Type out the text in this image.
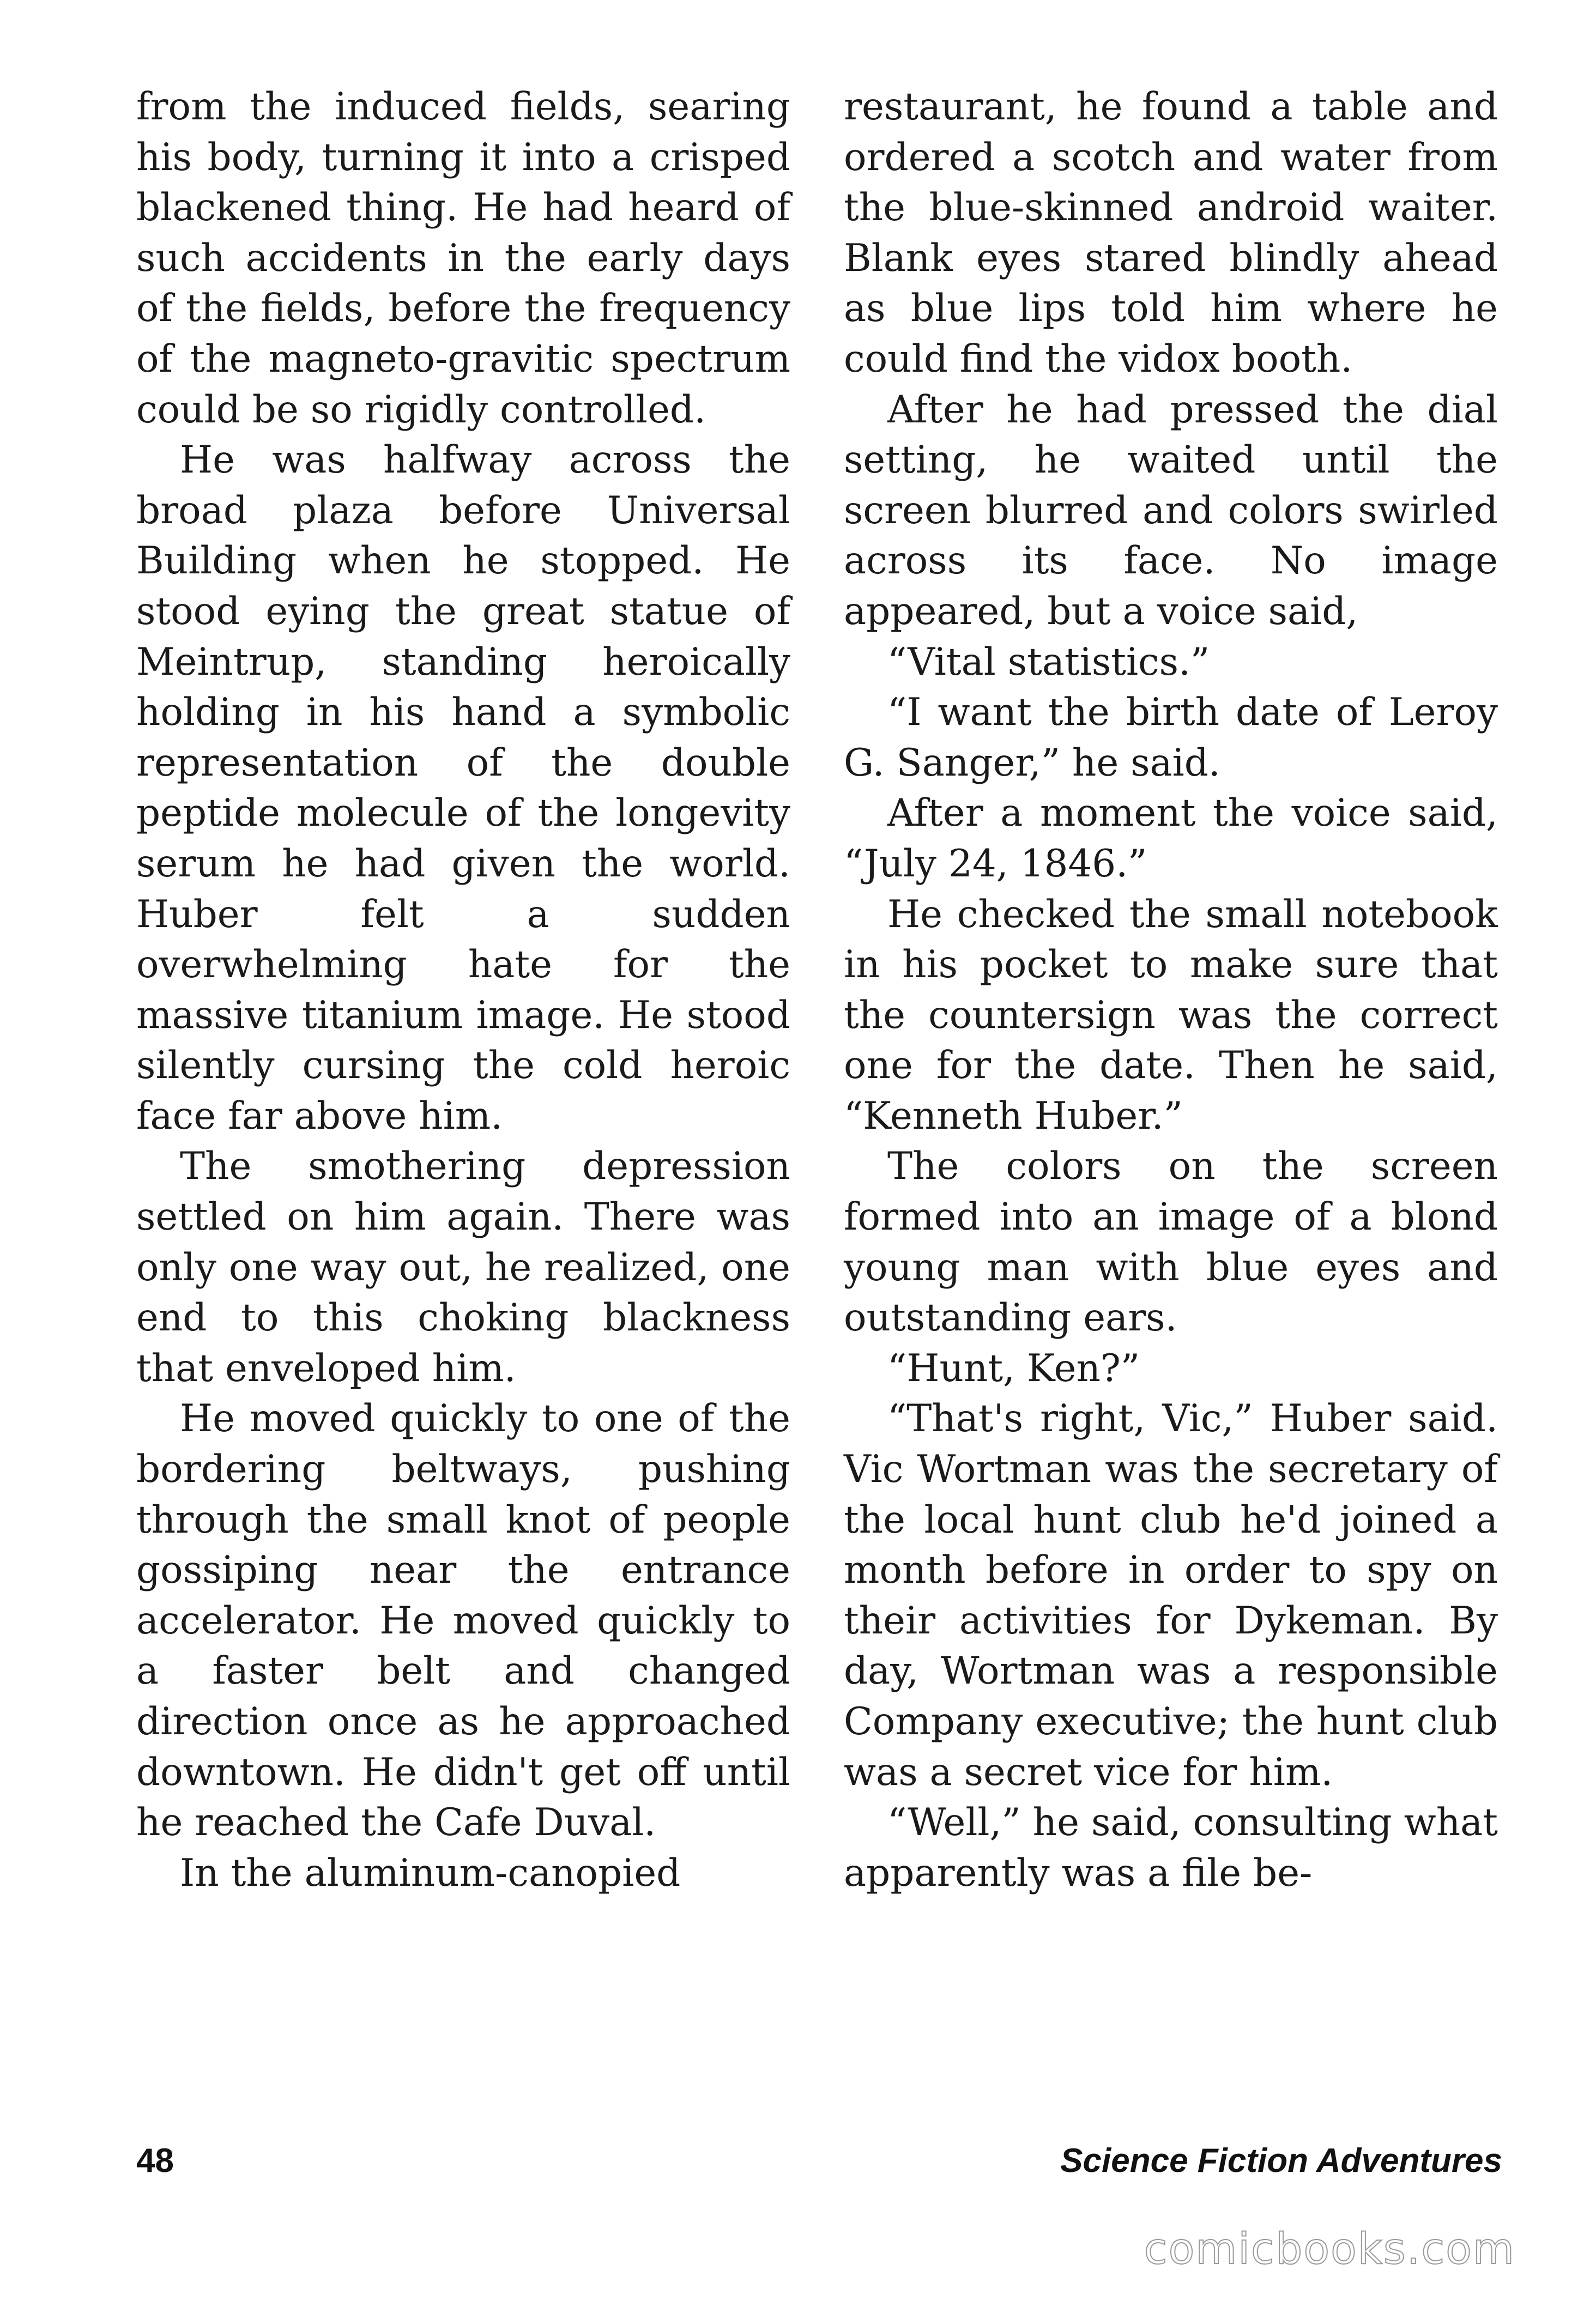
from the induced fields, searing his body, turning it into a crisped blackened thing. He had heard of such accidents in the early days of the fields, before the frequency of the magneto-gravitic spectrum could be so rigidly controlled.

He was halfway across the broad plaza before Universal Building when he stopped. He stood eying the great statue of Meintrup, standing heroically holding in his hand a symbolic representation of the double peptide molecule of the longevity serum he had given the world. Huber felt a sudden overwhelming hate for the massive titanium image. He stood silently cursing the cold heroic face far above him.

The smothering depression settled on him again. There was only one way out, he realized, one end to this choking blackness that enveloped him.

He moved quickly to one of the bordering beltways, pushing through the small knot of people gossiping near the entrance accelerator. He moved quickly to a faster belt and changed direction once as he approached downtown. He didn't get off until he reached the Cafe Duval.

In the aluminum-canopied

restaurant, he found a table and ordered a scotch and water from the blue-skinned android waiter. Blank eyes stared blindly ahead as blue lips told him where he could find the vidox booth.

After he had pressed the dial setting, he waited until the screen blurred and colors swirled across its face. No image appeared, but a voice said,

“Vital statistics.”

“I want the birth date of Leroy G. Sanger,” he said.

After a moment the voice said, “July 24, 1846.”

He checked the small notebook in his pocket to make sure that the countersign was the correct one for the date. Then he said, “Kenneth Huber.”

The colors on the screen formed into an image of a blond young man with blue eyes and outstanding ears.

“Hunt, Ken?”

“That's right, Vic,” Huber said. Vic Wortman was the secretary of the local hunt club he'd joined a month before in order to spy on their activities for Dykeman. By day, Wortman was a responsible Company executive; the hunt club was a secret vice for him.

“Well,” he said, consulting what apparently was a file be-

48	Science Fiction Adventures
comicbooks.com
